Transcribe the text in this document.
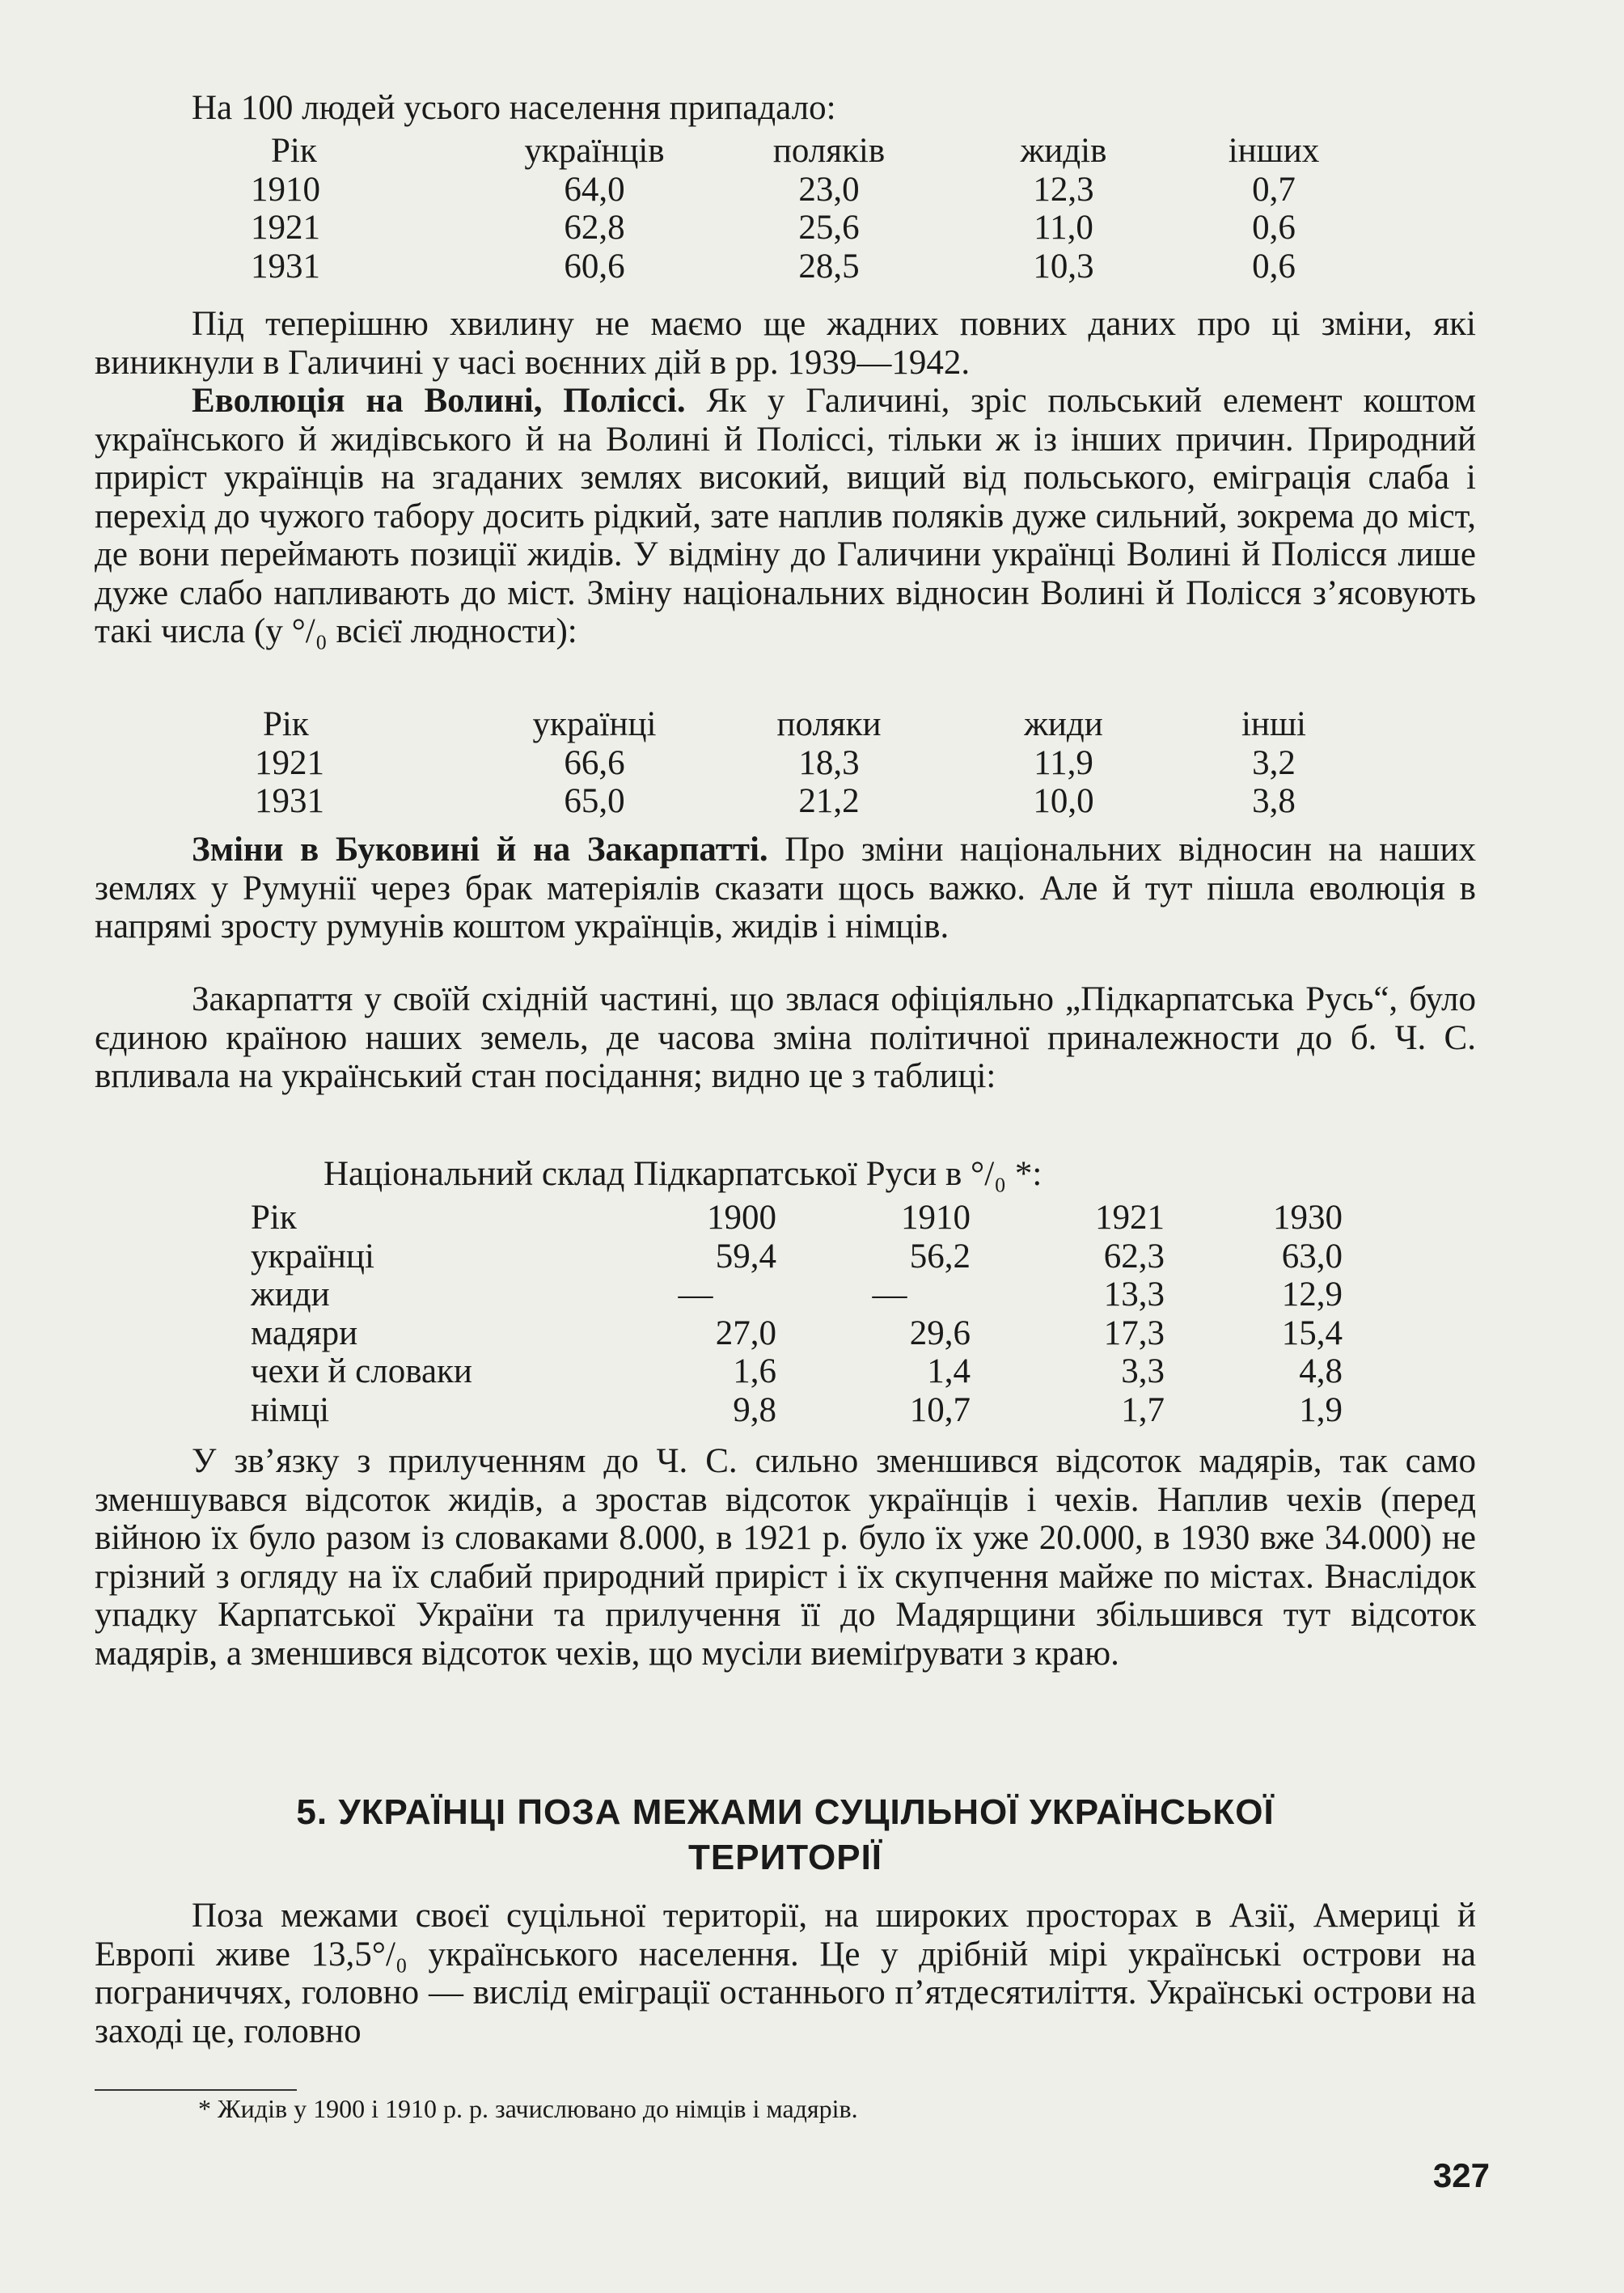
На 100 людей усього населення припадало:

Рік	українців	поляків	жидів	інших
1910	64,0	23,0	12,3	0,7
1921	62,8	25,6	11,0	0,6
1931	60,6	28,5	10,3	0,6

Під теперішню хвилину не маємо ще жадних повних даних про ці зміни, які виникнули в Галичині у часі воєнних дій в рр. 1939—1942.

Еволюція на Волині, Поліссі. Як у Галичині, зріс польський елемент коштом українського й жидівського й на Волині й Поліссі, тільки ж із інших причин. Природний приріст українців на згаданих землях високий, вищий від польського, еміграція слаба і перехід до чужого табору досить рідкий, зате наплив поляків дуже сильний, зокрема до міст, де вони переймають позиції жидів. У відміну до Галичини українці Волині й Полісся лише дуже слабо напливають до міст. Зміну національних відносин Волині й Полісся з’ясовують такі числа (у °/₀ всієї людности):

Рік	українці	поляки	жиди	інші
1921	66,6	18,3	11,9	3,2
1931	65,0	21,2	10,0	3,8

Зміни в Буковині й на Закарпатті. Про зміни національних відносин на наших землях у Румунії через брак матеріялів сказати щось важко. Але й тут пішла еволюція в напрямі зросту румунів коштом українців, жидів і німців.

Закарпаття у своїй східній частині, що звлася офіціяльно „Підкарпатська Русь“, було єдиною країною наших земель, де часова зміна політичної приналежности до б. Ч. С. впливала на український стан посідання; видно це з таблиці:

Національний склад Підкарпатської Руси в °/₀ *:

Рік	1900	1910	1921	1930
українці	59,4	56,2	62,3	63,0
жиди	—	—	13,3	12,9
мадяри	27,0	29,6	17,3	15,4
чехи й словаки	1,6	1,4	3,3	4,8
німці	9,8	10,7	1,7	1,9

У зв’язку з прилученням до Ч. С. сильно зменшився відсоток мадярів, так само зменшувався відсоток жидів, а зростав відсоток українців і чехів. Наплив чехів (перед війною їх було разом із словаками 8.000, в 1921 р. було їх уже 20.000, в 1930 вже 34.000) не грізний з огляду на їх слабий природний приріст і їх скупчення майже по містах. Внаслідок упадку Карпатської України та прилучення її до Мадярщини збільшився тут відсоток мадярів, а зменшився відсоток чехів, що мусіли виеміґрувати з краю.

5. УКРАЇНЦІ ПОЗА МЕЖАМИ СУЦІЛЬНОЇ УКРАЇНСЬКОЇ
ТЕРИТОРІЇ

Поза межами своєї суцільної території, на широких просторах в Азії, Америці й Европі живе 13,5°/₀ українського населення. Це у дрібній мірі українські острови на пограниччях, головно — вислід еміграції останнього п’ятдесятиліття. Українські острови на заході це, головно

* Жидів у 1900 і 1910 р. р. зачислювано до німців і мадярів.

327
